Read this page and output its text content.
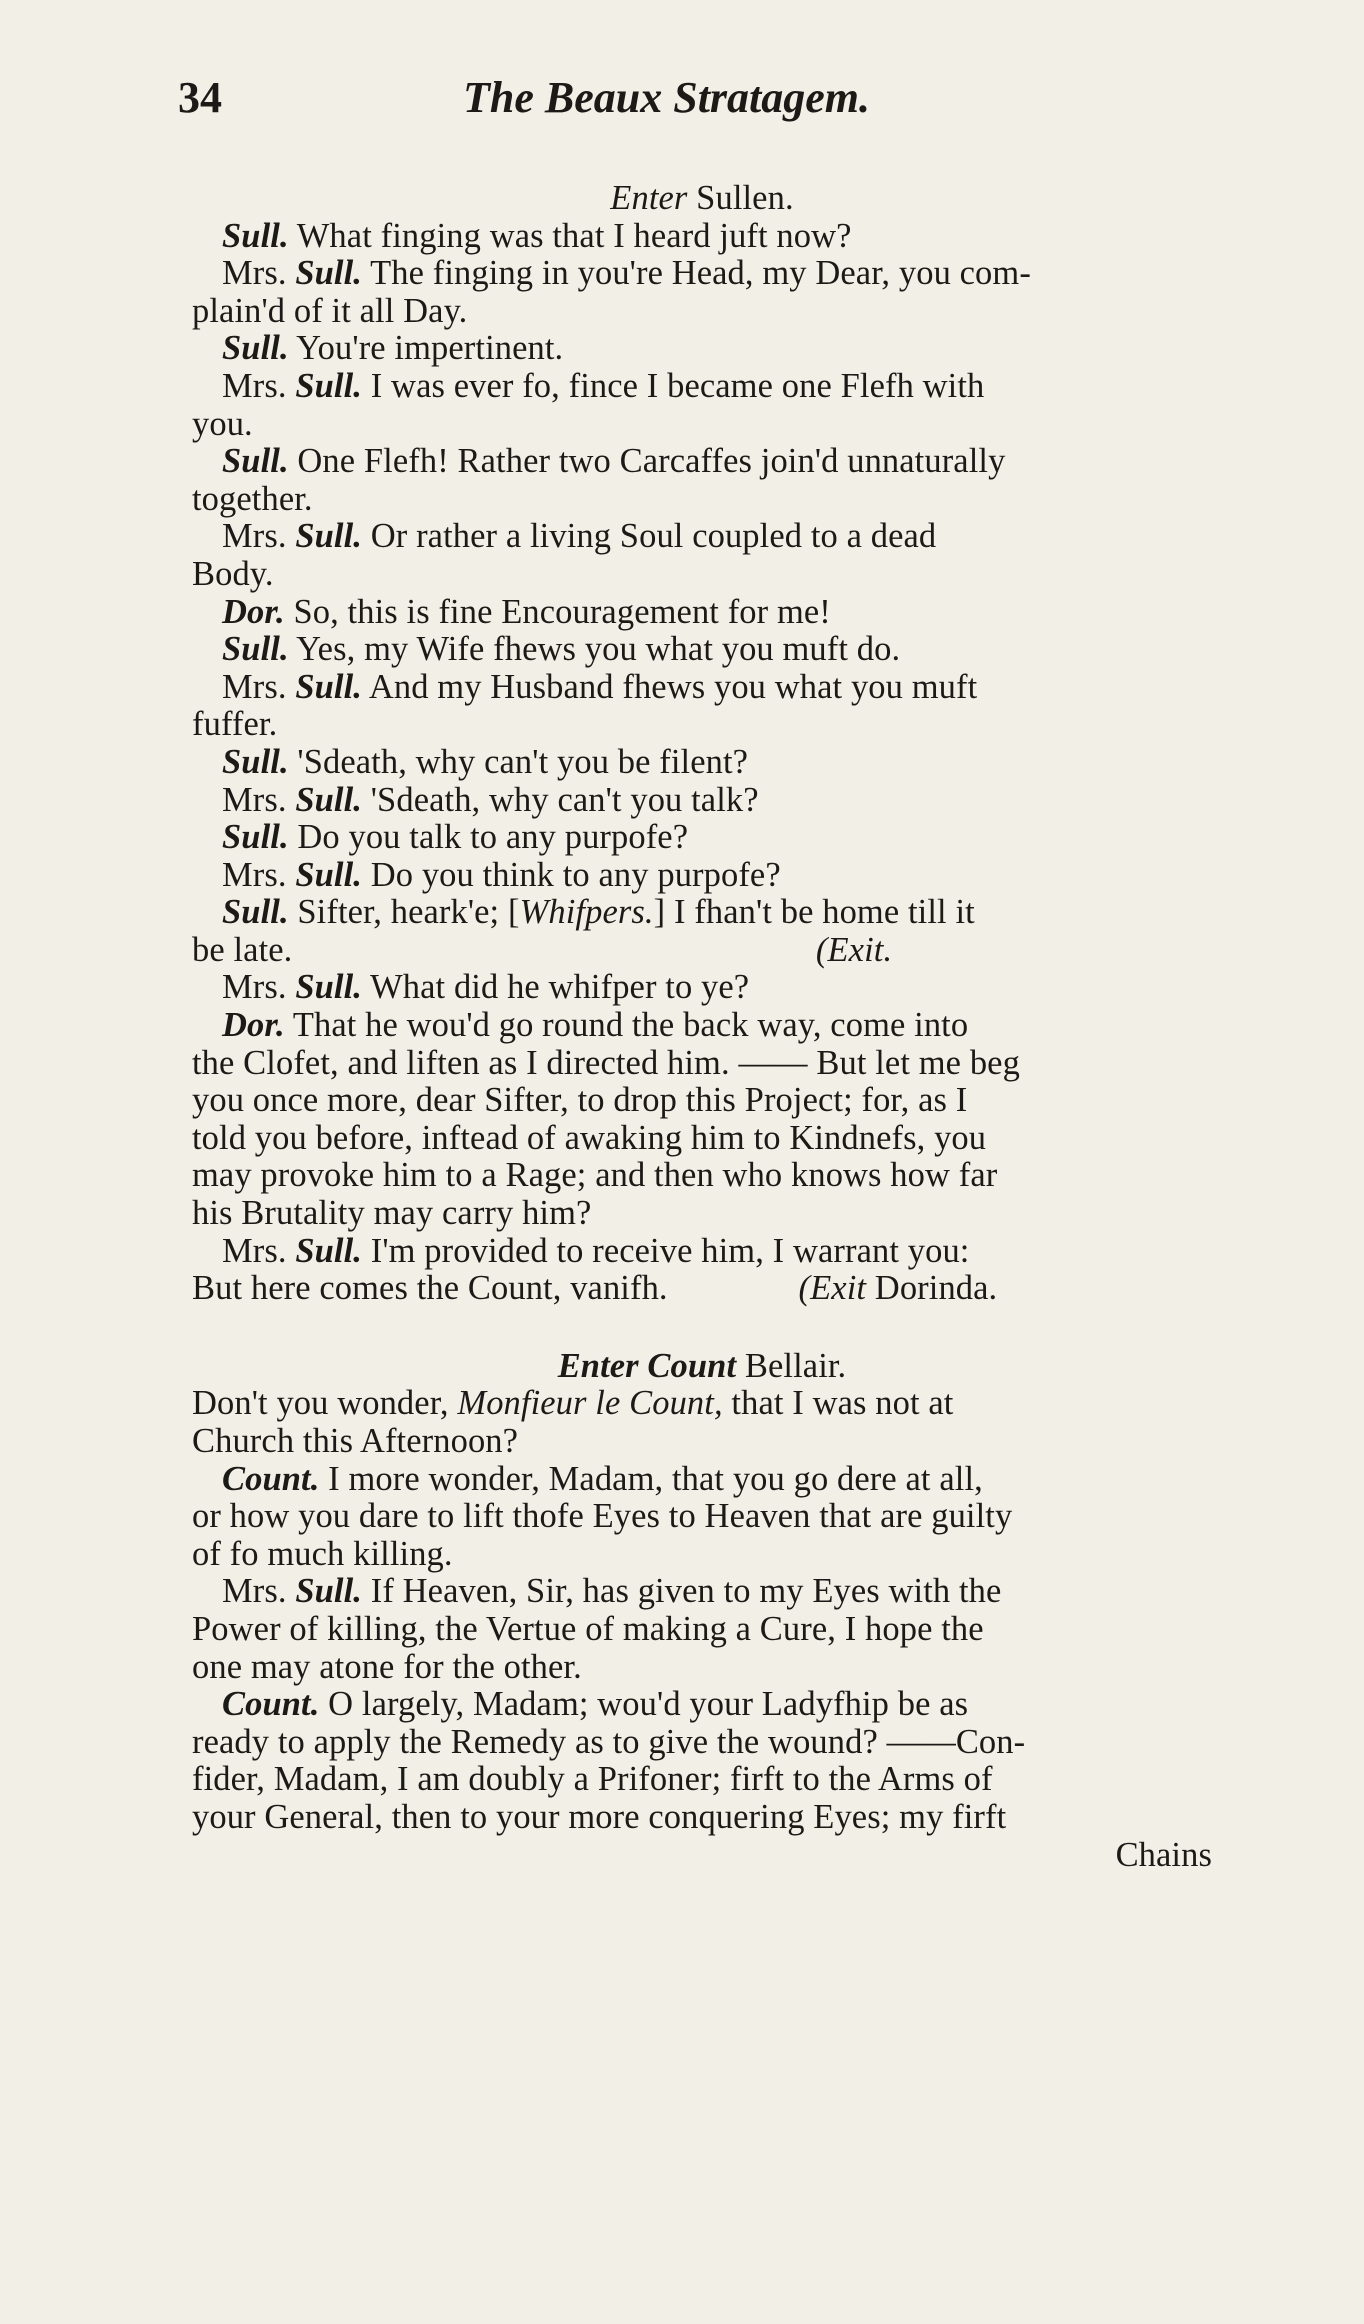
34	The Beaux Stratagem.
Enter Sullen.
Sull. What finging was that I heard juft now?
Mrs. Sull. The finging in you're Head, my Dear, you com-
plain'd of it all Day.
Sull. You're impertinent.
Mrs. Sull. I was ever fo, fince I became one Flefh with
you.
Sull. One Flefh! Rather two Carcaffes join'd unnaturally
together.
Mrs. Sull. Or rather a living Soul coupled to a dead
Body.
Dor. So, this is fine Encouragement for me!
Sull. Yes, my Wife fhews you what you muft do.
Mrs. Sull. And my Husband fhews you what you muft
fuffer.
Sull. 'Sdeath, why can't you be filent?
Mrs. Sull. 'Sdeath, why can't you talk?
Sull. Do you talk to any purpofe?
Mrs. Sull. Do you think to any purpofe?
Sull. Sifter, heark'e; [Whifpers.] I fhan't be home till it
be late.	(Exit.
Mrs. Sull. What did he whifper to ye?
Dor. That he wou'd go round the back way, come into
the Clofet, and liften as I directed him. —— But let me beg
you once more, dear Sifter, to drop this Project; for, as I
told you before, inftead of awaking him to Kindnefs, you
may provoke him to a Rage; and then who knows how far
his Brutality may carry him?
Mrs. Sull. I'm provided to receive him, I warrant you:
But here comes the Count, vanifh.	(Exit Dorinda.
Enter Count Bellair.
Don't you wonder, Monfieur le Count, that I was not at
Church this Afternoon?
Count. I more wonder, Madam, that you go dere at all,
or how you dare to lift thofe Eyes to Heaven that are guilty
of fo much killing.
Mrs. Sull. If Heaven, Sir, has given to my Eyes with the
Power of killing, the Vertue of making a Cure, I hope the
one may atone for the other.
Count. O largely, Madam; wou'd your Ladyfhip be as
ready to apply the Remedy as to give the wound? ——Con-
fider, Madam, I am doubly a Prifoner; firft to the Arms of
your General, then to your more conquering Eyes; my firft
Chains
